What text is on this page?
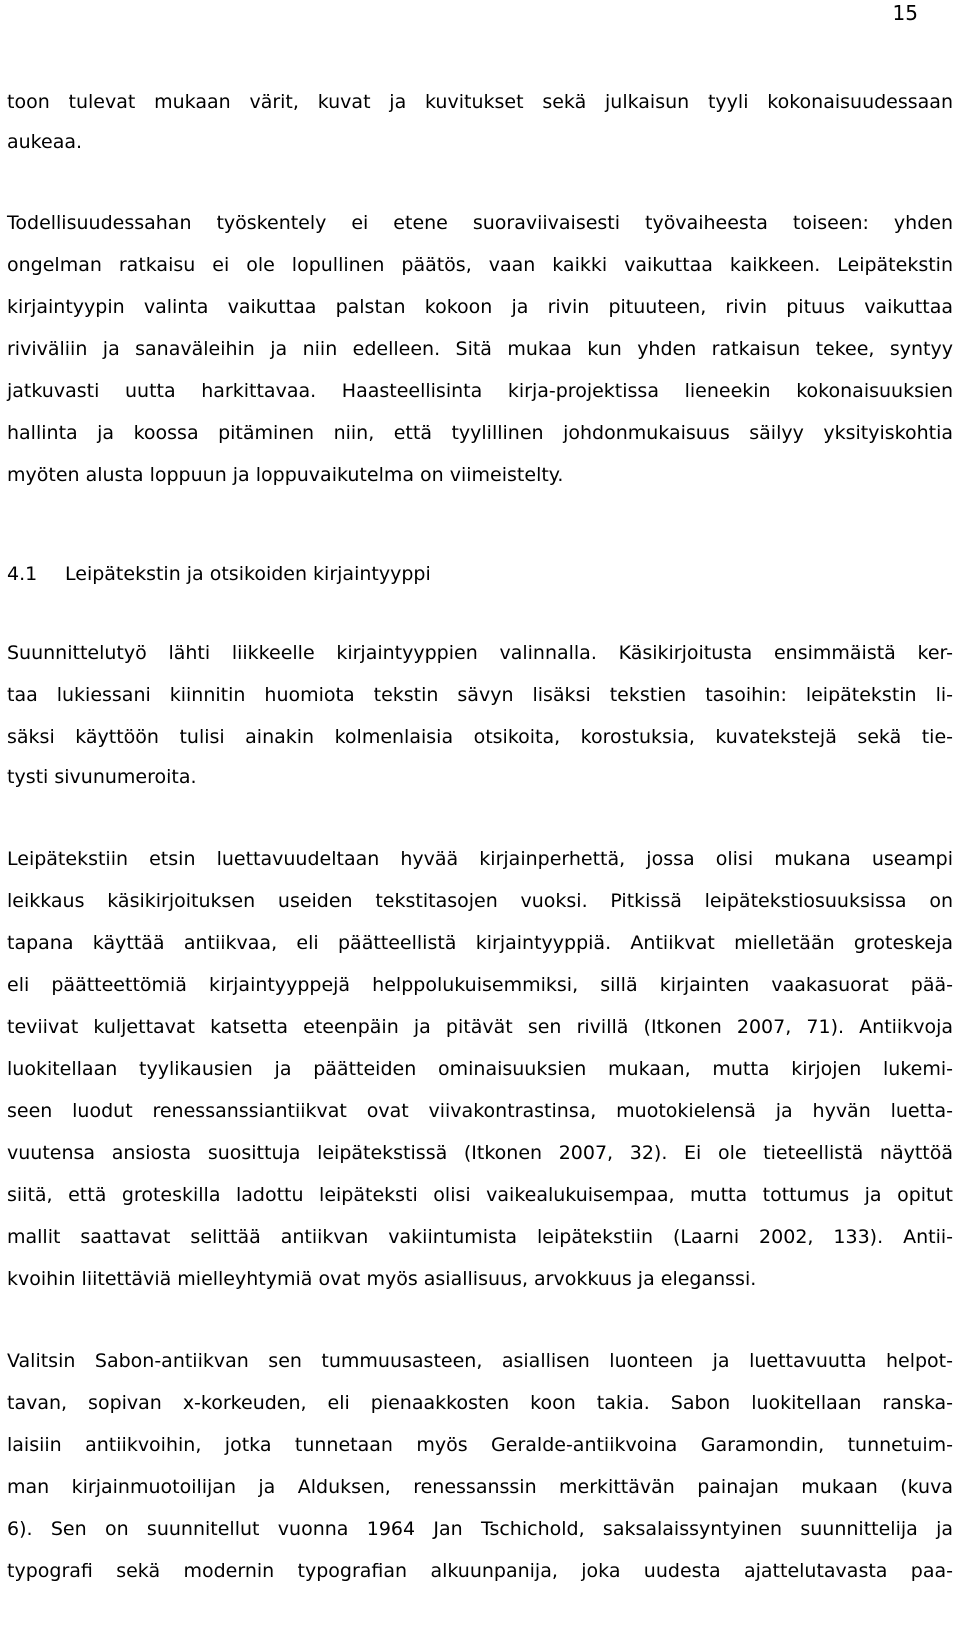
15
toon tulevat mukaan värit, kuvat ja kuvitukset sekä julkaisun tyyli kokonaisuudessaan
aukeaa.
Todellisuudessahan työskentely ei etene suoraviivaisesti työvaiheesta toiseen: yhden
ongelman ratkaisu ei ole lopullinen päätös, vaan kaikki vaikuttaa kaikkeen. Leipätekstin
kirjaintyypin valinta vaikuttaa palstan kokoon ja rivin pituuteen, rivin pituus vaikuttaa
riviväliin ja sanaväleihin ja niin edelleen. Sitä mukaa kun yhden ratkaisun tekee, syntyy
jatkuvasti uutta harkittavaa. Haasteellisinta kirja-projektissa lieneekin kokonaisuuksien
hallinta ja koossa pitäminen niin, että tyylillinen johdonmukaisuus säilyy yksityiskohtia
myöten alusta loppuun ja loppuvaikutelma on viimeistelty.
4.1 Leipätekstin ja otsikoiden kirjaintyyppi
Suunnittelutyö lähti liikkeelle kirjaintyyppien valinnalla. Käsikirjoitusta ensimmäistä ker-
taa lukiessani kiinnitin huomiota tekstin sävyn lisäksi tekstien tasoihin: leipätekstin li-
säksi käyttöön tulisi ainakin kolmenlaisia otsikoita, korostuksia, kuvatekstejä sekä tie-
tysti sivunumeroita.
Leipätekstiin etsin luettavuudeltaan hyvää kirjainperhettä, jossa olisi mukana useampi
leikkaus käsikirjoituksen useiden tekstitasojen vuoksi. Pitkissä leipätekstiosuuksissa on
tapana käyttää antiikvaa, eli päätteellistä kirjaintyyppiä. Antiikvat mielletään groteskeja
eli päätteettömiä kirjaintyyppejä helppolukuisemmiksi, sillä kirjainten vaakasuorat pää-
teviivat kuljettavat katsetta eteenpäin ja pitävät sen rivillä (Itkonen 2007, 71). Antiikvoja
luokitellaan tyylikausien ja päätteiden ominaisuuksien mukaan, mutta kirjojen lukemi-
seen luodut renessanssiantiikvat ovat viivakontrastinsa, muotokielensä ja hyvän luetta-
vuutensa ansiosta suosittuja leipätekstissä (Itkonen 2007, 32). Ei ole tieteellistä näyttöä
siitä, että groteskilla ladottu leipäteksti olisi vaikealukuisempaa, mutta tottumus ja opitut
mallit saattavat selittää antiikvan vakiintumista leipätekstiin (Laarni 2002, 133). Antii-
kvoihin liitettäviä mielleyhtymiä ovat myös asiallisuus, arvokkuus ja eleganssi.
Valitsin Sabon-antiikvan sen tummuusasteen, asiallisen luonteen ja luettavuutta helpot-
tavan, sopivan x-korkeuden, eli pienaakkosten koon takia. Sabon luokitellaan ranska-
laisiin antiikvoihin, jotka tunnetaan myös Geralde-antiikvoina Garamondin, tunnetuim-
man kirjainmuotoilijan ja Alduksen, renessanssin merkittävän painajan mukaan (kuva
6). Sen on suunnitellut vuonna 1964 Jan Tschichold, saksalaissyntyinen suunnittelija ja
typografi sekä modernin typografian alkuunpanija, joka uudesta ajattelutavasta paa-
